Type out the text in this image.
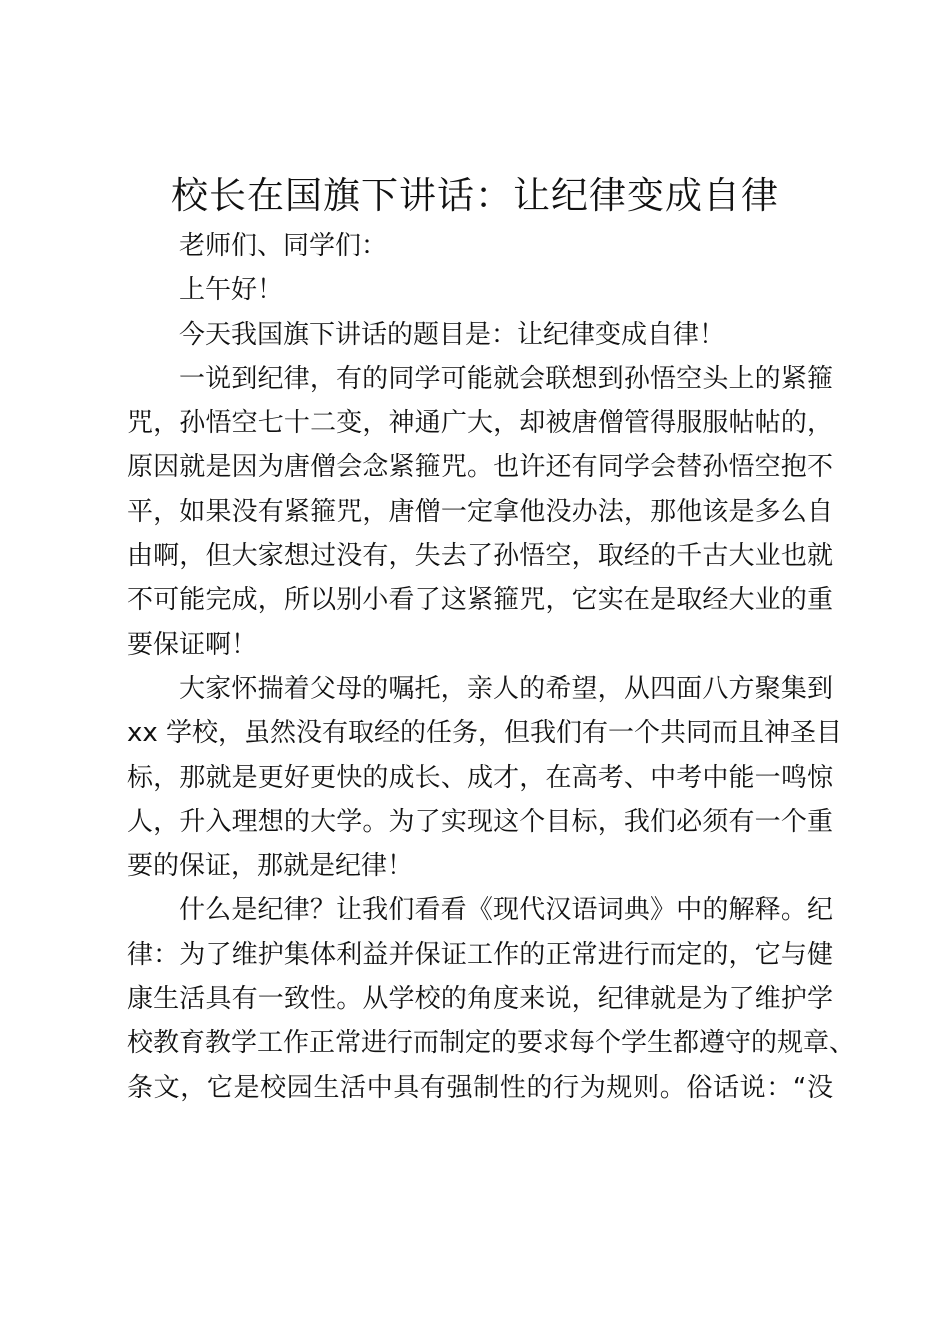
校长在国旗下讲话：让纪律变成自律
老师们、同学们：
上午好！
今天我国旗下讲话的题目是：让纪律变成自律！
一说到纪律，有的同学可能就会联想到孙悟空头上的紧箍
咒，孙悟空七十二变，神通广大，却被唐僧管得服服帖帖的，
原因就是因为唐僧会念紧箍咒。也许还有同学会替孙悟空抱不
平，如果没有紧箍咒，唐僧一定拿他没办法，那他该是多么自
由啊，但大家想过没有，失去了孙悟空，取经的千古大业也就
不可能完成，所以别小看了这紧箍咒，它实在是取经大业的重
要保证啊！
大家怀揣着父母的嘱托，亲人的希望，从四面八方聚集到
xx 学校，虽然没有取经的任务，但我们有一个共同而且神圣目
标，那就是更好更快的成长、成才，在高考、中考中能一鸣惊
人，升入理想的大学。为了实现这个目标，我们必须有一个重
要的保证，那就是纪律！
什么是纪律？让我们看看《现代汉语词典》中的解释。纪
律：为了维护集体利益并保证工作的正常进行而定的，它与健
康生活具有一致性。从学校的角度来说，纪律就是为了维护学
校教育教学工作正常进行而制定的要求每个学生都遵守的规章、
条文，它是校园生活中具有强制性的行为规则。俗话说：“没
